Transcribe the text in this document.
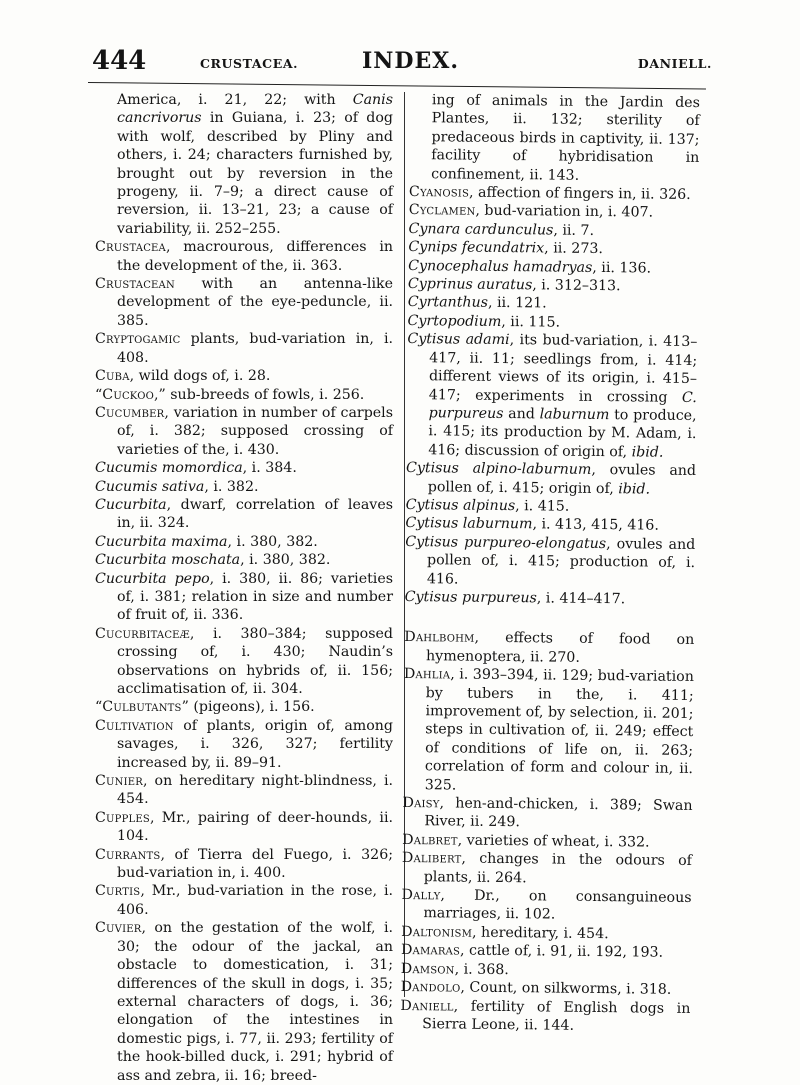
444	CRUSTACEA.	INDEX.	DANIELL.

America, i. 21, 22; with Canis cancrivorus in Guiana, i. 23; of dog with wolf, described by Pliny and others, i. 24; characters furnished by, brought out by reversion in the progeny, ii. 7–9; a direct cause of reversion, ii. 13–21, 23; a cause of variability, ii. 252–255.

Crustacea, macrourous, differences in the development of the, ii. 363.

Crustacean with an antenna-like development of the eye-peduncle, ii. 385.

Cryptogamic plants, bud-variation in, i. 408.

Cuba, wild dogs of, i. 28.

“Cuckoo,” sub-breeds of fowls, i. 256.

Cucumber, variation in number of carpels of, i. 382; supposed crossing of varieties of the, i. 430.

Cucumis momordica, i. 384.

Cucumis sativa, i. 382.

Cucurbita, dwarf, correlation of leaves in, ii. 324.

Cucurbita maxima, i. 380, 382.

Cucurbita moschata, i. 380, 382.

Cucurbita pepo, i. 380, ii. 86; varieties of, i. 381; relation in size and number of fruit of, ii. 336.

Cucurbitaceæ, i. 380–384; supposed crossing of, i. 430; Naudin’s observations on hybrids of, ii. 156; acclimatisation of, ii. 304.

“Culbutants” (pigeons), i. 156.

Cultivation of plants, origin of, among savages, i. 326, 327; fertility increased by, ii. 89–91.

Cunier, on hereditary night-blindness, i. 454.

Cupples, Mr., pairing of deer-hounds, ii. 104.

Currants, of Tierra del Fuego, i. 326; bud-variation in, i. 400.

Curtis, Mr., bud-variation in the rose, i. 406.

Cuvier, on the gestation of the wolf, i. 30; the odour of the jackal, an obstacle to domestication, i. 31; differences of the skull in dogs, i. 35; external characters of dogs, i. 36; elongation of the intestines in domestic pigs, i. 77, ii. 293; fertility of the hook-billed duck, i. 291; hybrid of ass and zebra, ii. 16; breed-

ing of animals in the Jardin des Plantes, ii. 132; sterility of predaceous birds in captivity, ii. 137; facility of hybridisation in confinement, ii. 143.

Cyanosis, affection of fingers in, ii. 326.

Cyclamen, bud-variation in, i. 407.

Cynara cardunculus, ii. 7.

Cynips fecundatrix, ii. 273.

Cynocephalus hamadryas, ii. 136.

Cyprinus auratus, i. 312–313.

Cyrtanthus, ii. 121.

Cyrtopodium, ii. 115.

Cytisus adami, its bud-variation, i. 413–417, ii. 11; seedlings from, i. 414; different views of its origin, i. 415–417; experiments in crossing C. purpureus and laburnum to produce, i. 415; its production by M. Adam, i. 416; discussion of origin of, ibid.

Cytisus alpino-laburnum, ovules and pollen of, i. 415; origin of, ibid.

Cytisus alpinus, i. 415.

Cytisus laburnum, i. 413, 415, 416.

Cytisus purpureo-elongatus, ovules and pollen of, i. 415; production of, i. 416.

Cytisus purpureus, i. 414–417.

Dahlbohm, effects of food on hymenoptera, ii. 270.

Dahlia, i. 393–394, ii. 129; bud-variation by tubers in the, i. 411; improvement of, by selection, ii. 201; steps in cultivation of, ii. 249; effect of conditions of life on, ii. 263; correlation of form and colour in, ii. 325.

Daisy, hen-and-chicken, i. 389; Swan River, ii. 249.

Dalbret, varieties of wheat, i. 332.

Dalibert, changes in the odours of plants, ii. 264.

Dally, Dr., on consanguineous marriages, ii. 102.

Daltonism, hereditary, i. 454.

Damaras, cattle of, i. 91, ii. 192, 193.

Damson, i. 368.

Dandolo, Count, on silkworms, i. 318.

Daniell, fertility of English dogs in Sierra Leone, ii. 144.
